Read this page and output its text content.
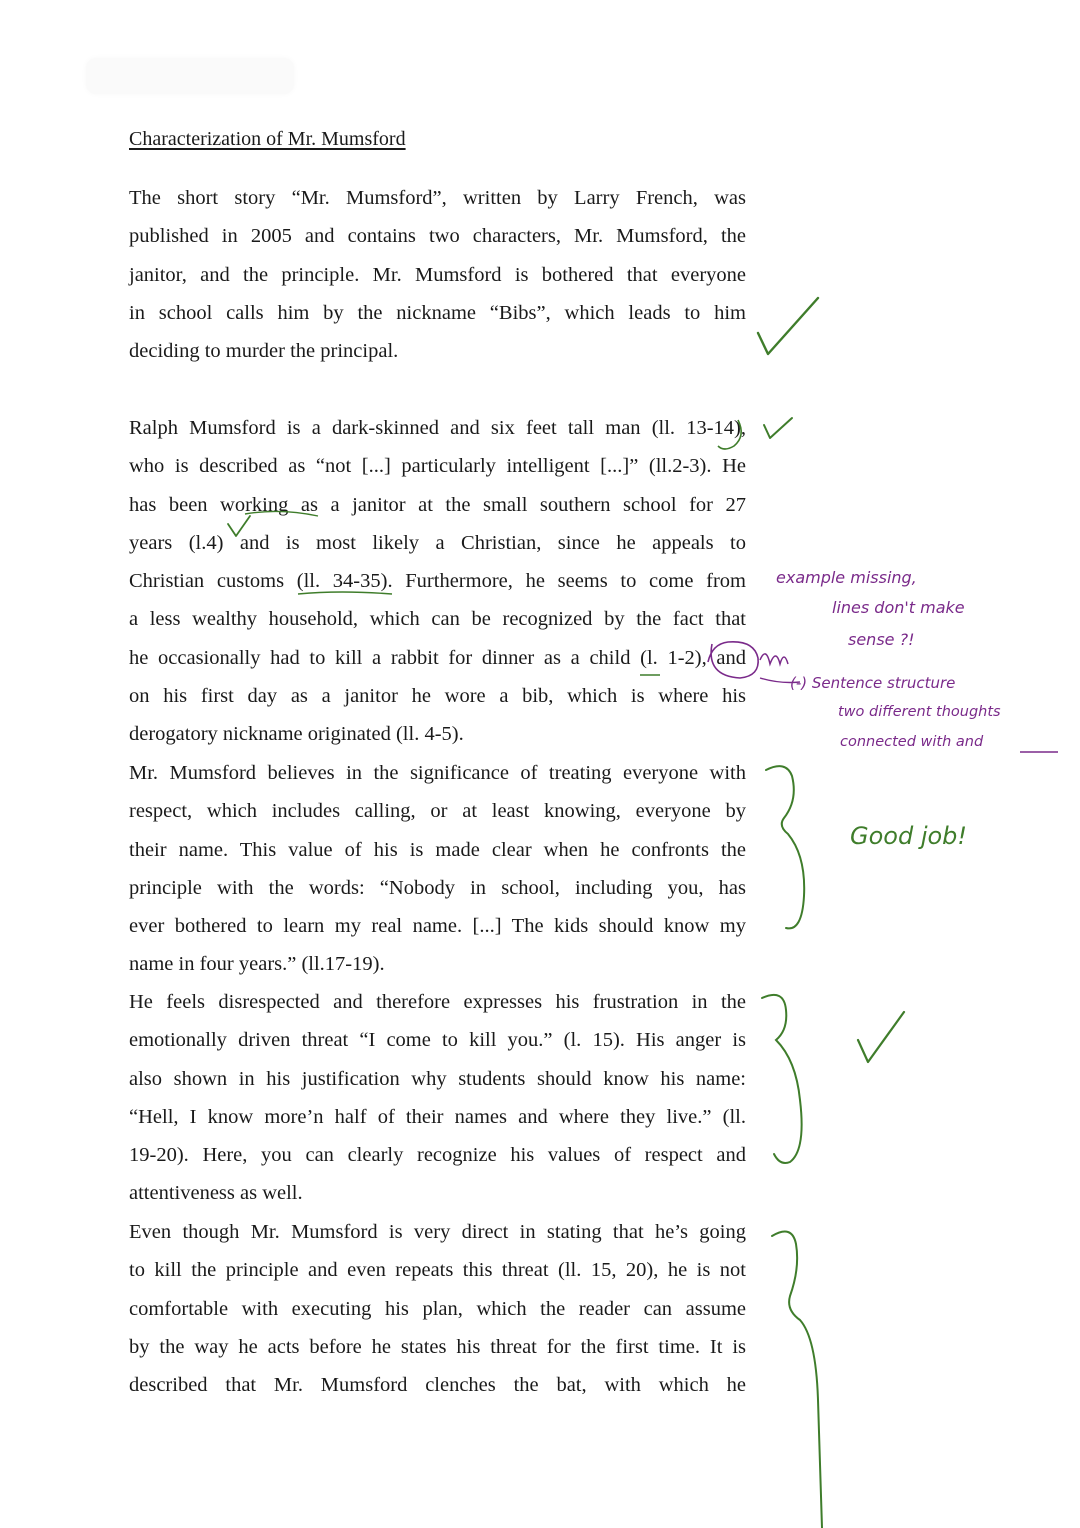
Characterization of Mr. Mumsford
The short story “Mr. Mumsford”, written by Larry French, was
published in 2005 and contains two characters, Mr. Mumsford, the
janitor, and the principle. Mr. Mumsford is bothered that everyone
in school calls him by the nickname “Bibs”, which leads to him
deciding to murder the principal.
Ralph Mumsford is a dark-skinned and six feet tall man (ll. 13-14),
who is described as “not [...] particularly intelligent [...]” (ll.2-3). He
has been working as a janitor at the small southern school for 27
years (l.4) and is most likely a Christian, since he appeals to
Christian customs (ll. 34-35). Furthermore, he seems to come from
a less wealthy household, which can be recognized by the fact that
he occasionally had to kill a rabbit for dinner as a child (l. 1-2), and
on his first day as a janitor he wore a bib, which is where his
derogatory nickname originated (ll. 4-5).
Mr. Mumsford believes in the significance of treating everyone with
respect, which includes calling, or at least knowing, everyone by
their name. This value of his is made clear when he confronts the
principle with the words: “Nobody in school, including you, has
ever bothered to learn my real name. [...] The kids should know my
name in four years.” (ll.17-19).
He feels disrespected and therefore expresses his frustration in the
emotionally driven threat “I come to kill you.” (l. 15). His anger is
also shown in his justification why students should know his name:
“Hell, I know more’n half of their names and where they live.” (ll.
19-20). Here, you can clearly recognize his values of respect and
attentiveness as well.
Even though Mr. Mumsford is very direct in stating that he’s going
to kill the principle and even repeats this threat (ll. 15, 20), he is not
comfortable with executing his plan, which the reader can assume
by the way he acts before he states his threat for the first time. It is
described that Mr. Mumsford clenches the bat, with which he
example missing,
lines don't make
sense ?!
(-) Sentence structure
two different thoughts
connected with and
Good job!
